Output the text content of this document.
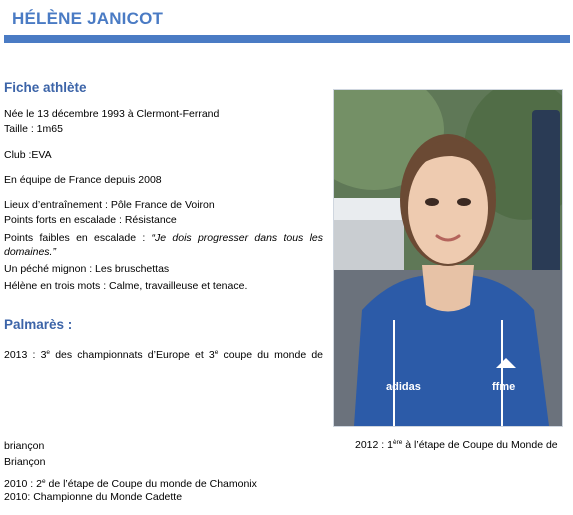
HÉLÈNE JANICOT
Fiche athlète
Née le 13 décembre 1993 à Clermont-Ferrand
Taille : 1m65
Club :EVA
En équipe de France depuis 2008
Lieux d’entraînement : Pôle France de Voiron
Points forts en escalade : Résistance
Points faibles en escalade : “Je dois progresser dans tous les
domaines.”
Un péché mignon : Les bruschettas
Hélène en trois mots : Calme, travailleuse et tenace.
Palmarès :
2013 : 3e des championnats d’Europe et 3e coupe du monde de
adidas	ffme
briançon	2012 : 1ère à l’étape de Coupe du Monde de
Briançon
2010 : 2e de l’étape de Coupe du monde de Chamonix
2010: Championne du Monde Cadette
